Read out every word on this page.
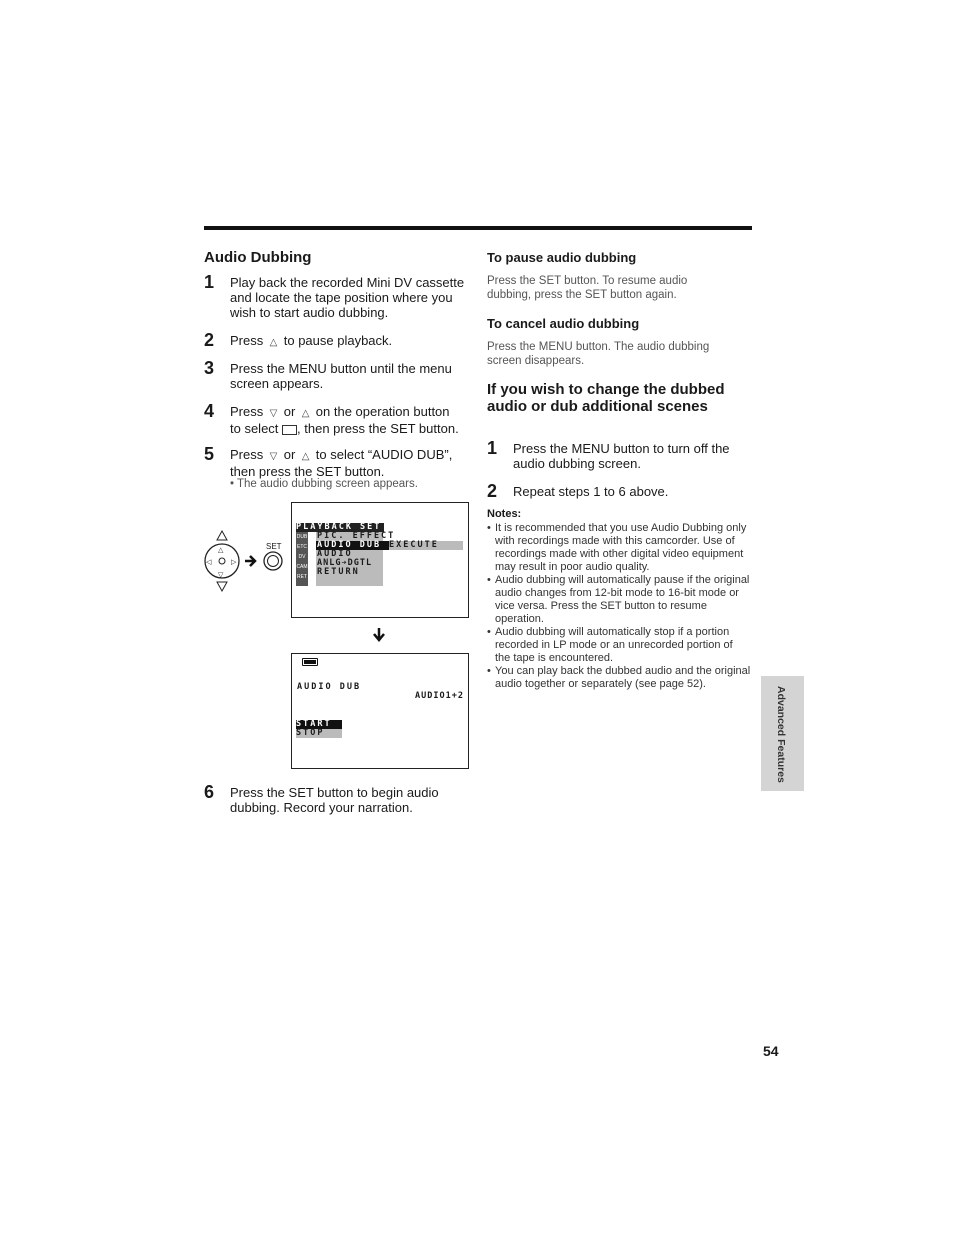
Audio Dubbing
1	Play back the recorded Mini DV cassette and locate the tape position where you wish to start audio dubbing.
2	Press  △  to pause playback.
3	Press the MENU button until the menu screen appears.
4	Press  ▽  or  △  on the operation button
to select , then press the SET button.
5	Press  ▽  or  △  to select “AUDIO DUB”,
then press the SET button.
• The audio dubbing screen appears.
△
▽
◁	▷
SET
PLAYBACK SET
DUB
ETC
DV
CAM
RET
PIC. EFFECT
AUDIO DUB EXECUTE
AUDIO
ANLG➔DGTL
RETURN
AUDIO DUB
AUDIO1+2
START
STOP
6	Press the SET button to begin audio dubbing. Record your narration.
To pause audio dubbing
Press the SET button. To resume audio dubbing, press the SET button again.
To cancel audio dubbing
Press the MENU button. The audio dubbing screen disappears.
If you wish to change the dubbed audio or dub additional scenes
1	Press the MENU button to turn off the audio dubbing screen.
2	Repeat steps 1 to 6 above.
Notes:
• It is recommended that you use Audio Dubbing only with recordings made with this camcorder. Use of recordings made with other digital video equipment may result in poor audio quality.
• Audio dubbing will automatically pause if the original audio changes from 12-bit mode to 16-bit mode or vice versa. Press the SET button to resume operation.
• Audio dubbing will automatically stop if a portion recorded in LP mode or an unrecorded portion of the tape is encountered.
• You can play back the dubbed audio and the original audio together or separately (see page 52).
Advanced Features
54
